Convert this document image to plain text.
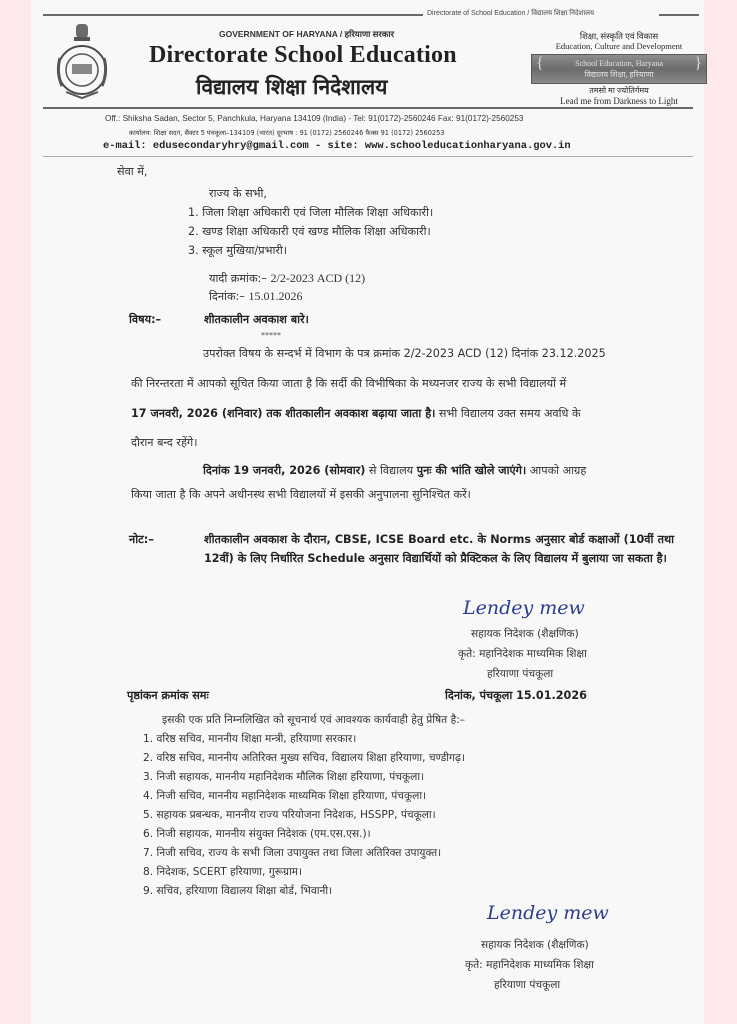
Directorate of School Education / विद्यालय शिक्षा निदेशालय
GOVERNMENT OF HARYANA / हरियाणा सरकार
Directorate School Education
विद्यालय शिक्षा निदेशालय
शिक्षा, संस्कृति एवं विकास
Education, Culture and Development
{	School Education, Haryana
विद्यालय शिक्षा, हरियाणा
}
तमसो मा ज्योतिर्गमय
Lead me from Darkness to Light
Off.: Shiksha Sadan, Sector 5, Panchkula, Haryana 134109 (India) - Tel: 91(0172)-2560246 Fax: 91(0172)-2560253
कार्यालय: शिक्षा सदन, सैक्टर 5 पंचकूला–134109 (भारत) दूरभाष : 91 (0172) 2560246 फैक्स 91 (0172) 2560253
e-mail: edusecondaryhry@gmail.com - site: www.schooleducationharyana.gov.in
सेवा में,
राज्य के सभी,
1. जिला शिक्षा अधिकारी एवं जिला मौलिक शिक्षा अधिकारी।
2. खण्ड शिक्षा अधिकारी एवं खण्ड मौलिक शिक्षा अधिकारी।
3. स्कूल मुखिया/प्रभारी।
यादी क्रमांक:– 2/2-2023 ACD (12)
दिनांक:– 15.01.2026
विषय:–	शीतकालीन अवकाश बारे।
*****
उपरोक्त विषय के सन्दर्भ में विभाग के पत्र क्रमांक 2/2-2023 ACD (12) दिनांक 23.12.2025
की निरन्तरता में आपको सूचित किया जाता है कि सर्दी की विभीषिका के मध्यनजर राज्य के सभी विद्यालयों में
17 जनवरी, 2026 (शनिवार) तक शीतकालीन अवकाश बढ़ाया जाता है। सभी विद्यालय उक्त समय अवधि के
दौरान बन्द रहेंगे।
दिनांक 19 जनवरी, 2026 (सोमवार) से विद्यालय पुनः की भांति खोले जाएंगे। आपको आग्रह
किया जाता है कि अपने अधीनस्थ सभी विद्यालयों में इसकी अनुपालना सुनिश्चित करें।
नोट:–	शीतकालीन अवकाश के दौरान, CBSE, ICSE Board etc. के Norms अनुसार बोर्ड कक्षाओं (10वीं तथा 12वीं) के लिए निर्धारित Schedule अनुसार विद्यार्थियों को प्रैक्टिकल के लिए विद्यालय में बुलाया जा सकता है।
Lendey mew
सहायक निदेशक (शैक्षणिक)
कृते: महानिदेशक माध्यमिक शिक्षा
हरियाणा पंचकूला
पृष्ठांकन क्रमांक समः	दिनांक, पंचकूला 15.01.2026
इसकी एक प्रति निम्नलिखित को सूचनार्थ एवं आवश्यक कार्यवाही हेतु प्रेषित है:–
1. वरिष्ठ सचिव, माननीय शिक्षा मन्त्री, हरियाणा सरकार।
2. वरिष्ठ सचिव, माननीय अतिरिक्त मुख्य सचिव, विद्यालय शिक्षा हरियाणा, चण्डीगढ़।
3. निजी सहायक, माननीय महानिदेशक मौलिक शिक्षा हरियाणा, पंचकूला।
4. निजी सचिव, माननीय महानिदेशक माध्यमिक शिक्षा हरियाणा, पंचकूला।
5. सहायक प्रबन्धक, माननीय राज्य परियोजना निदेशक, HSSPP, पंचकूला।
6. निजी सहायक, माननीय संयुक्त निदेशक (एम.एस.एस.)।
7. निजी सचिव, राज्य के सभी जिला उपायुक्त तथा जिला अतिरिक्त उपायुक्त।
8. निदेशक, SCERT हरियाणा, गुरूग्राम।
9. सचिव, हरियाणा विद्यालय शिक्षा बोर्ड, भिवानी।
Lendey mew
सहायक निदेशक (शैक्षणिक)
कृते: महानिदेशक माध्यमिक शिक्षा
हरियाणा पंचकूला
